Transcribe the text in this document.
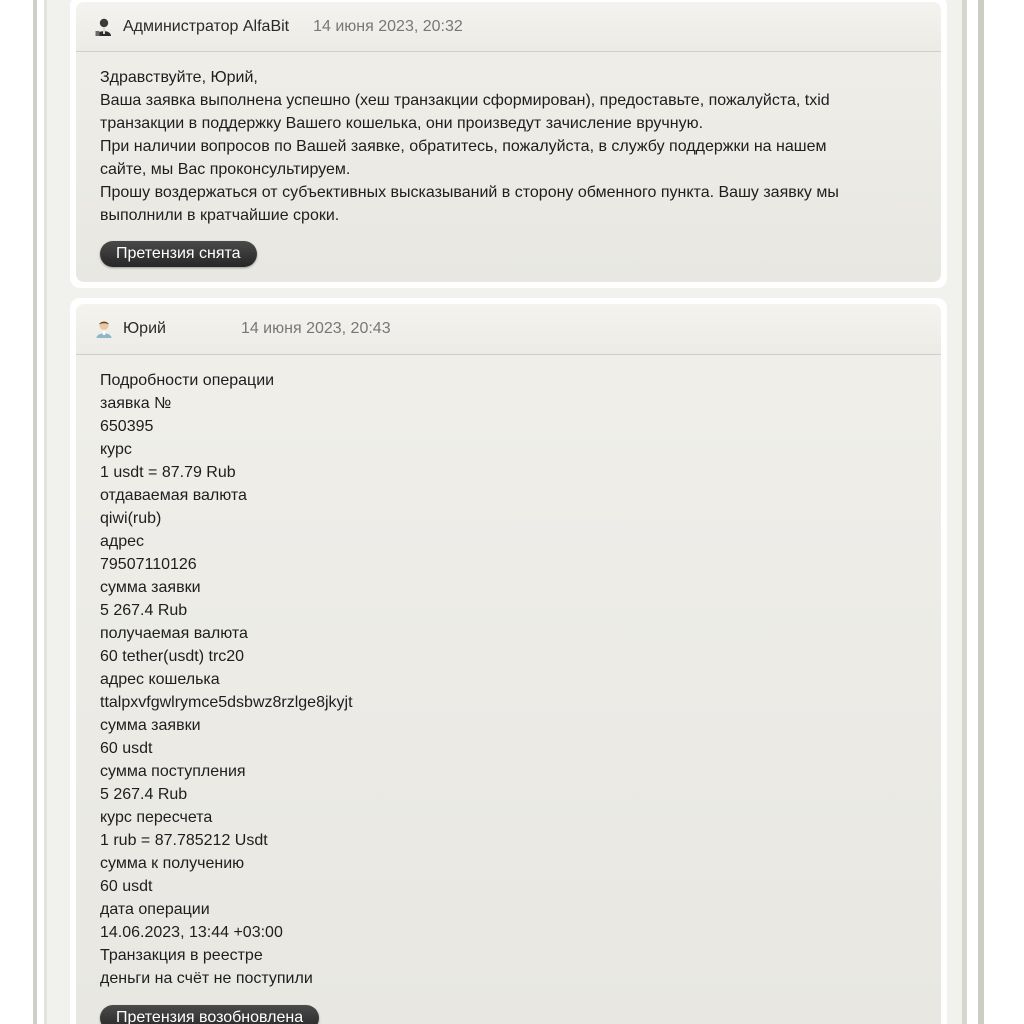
Администратор AlfaBit 14 июня 2023, 20:32
Здравствуйте, Юрий,
Ваша заявка выполнена успешно (хеш транзакции сформирован), предоставьте, пожалуйста, txid
транзакции в поддержку Вашего кошелька, они произведут зачисление вручную.
При наличии вопросов по Вашей заявке, обратитесь, пожалуйста, в службу поддержки на нашем
сайте, мы Вас проконсультируем.
Прошу воздержаться от субъективных высказываний в сторону обменного пункта. Вашу заявку мы
выполнили в кратчайшие сроки.
Претензия снята
Юрий	14 июня 2023, 20:43
Подробности операции
заявка №
650395
курс
1 usdt = 87.79 Rub
отдаваемая валюта
qiwi(rub)
адрес
79507110126
сумма заявки
5 267.4 Rub
получаемая валюта
60 tether(usdt) trc20
адрес кошелька
ttalpxvfgwlrymce5dsbwz8rzlge8jkyjt
сумма заявки
60 usdt
сумма поступления
5 267.4 Rub
курс пересчета
1 rub = 87.785212 Usdt
сумма к получению
60 usdt
дата операции
14.06.2023, 13:44 +03:00
Транзакция в реестре
деньги на счёт не поступили
Претензия возобновлена
